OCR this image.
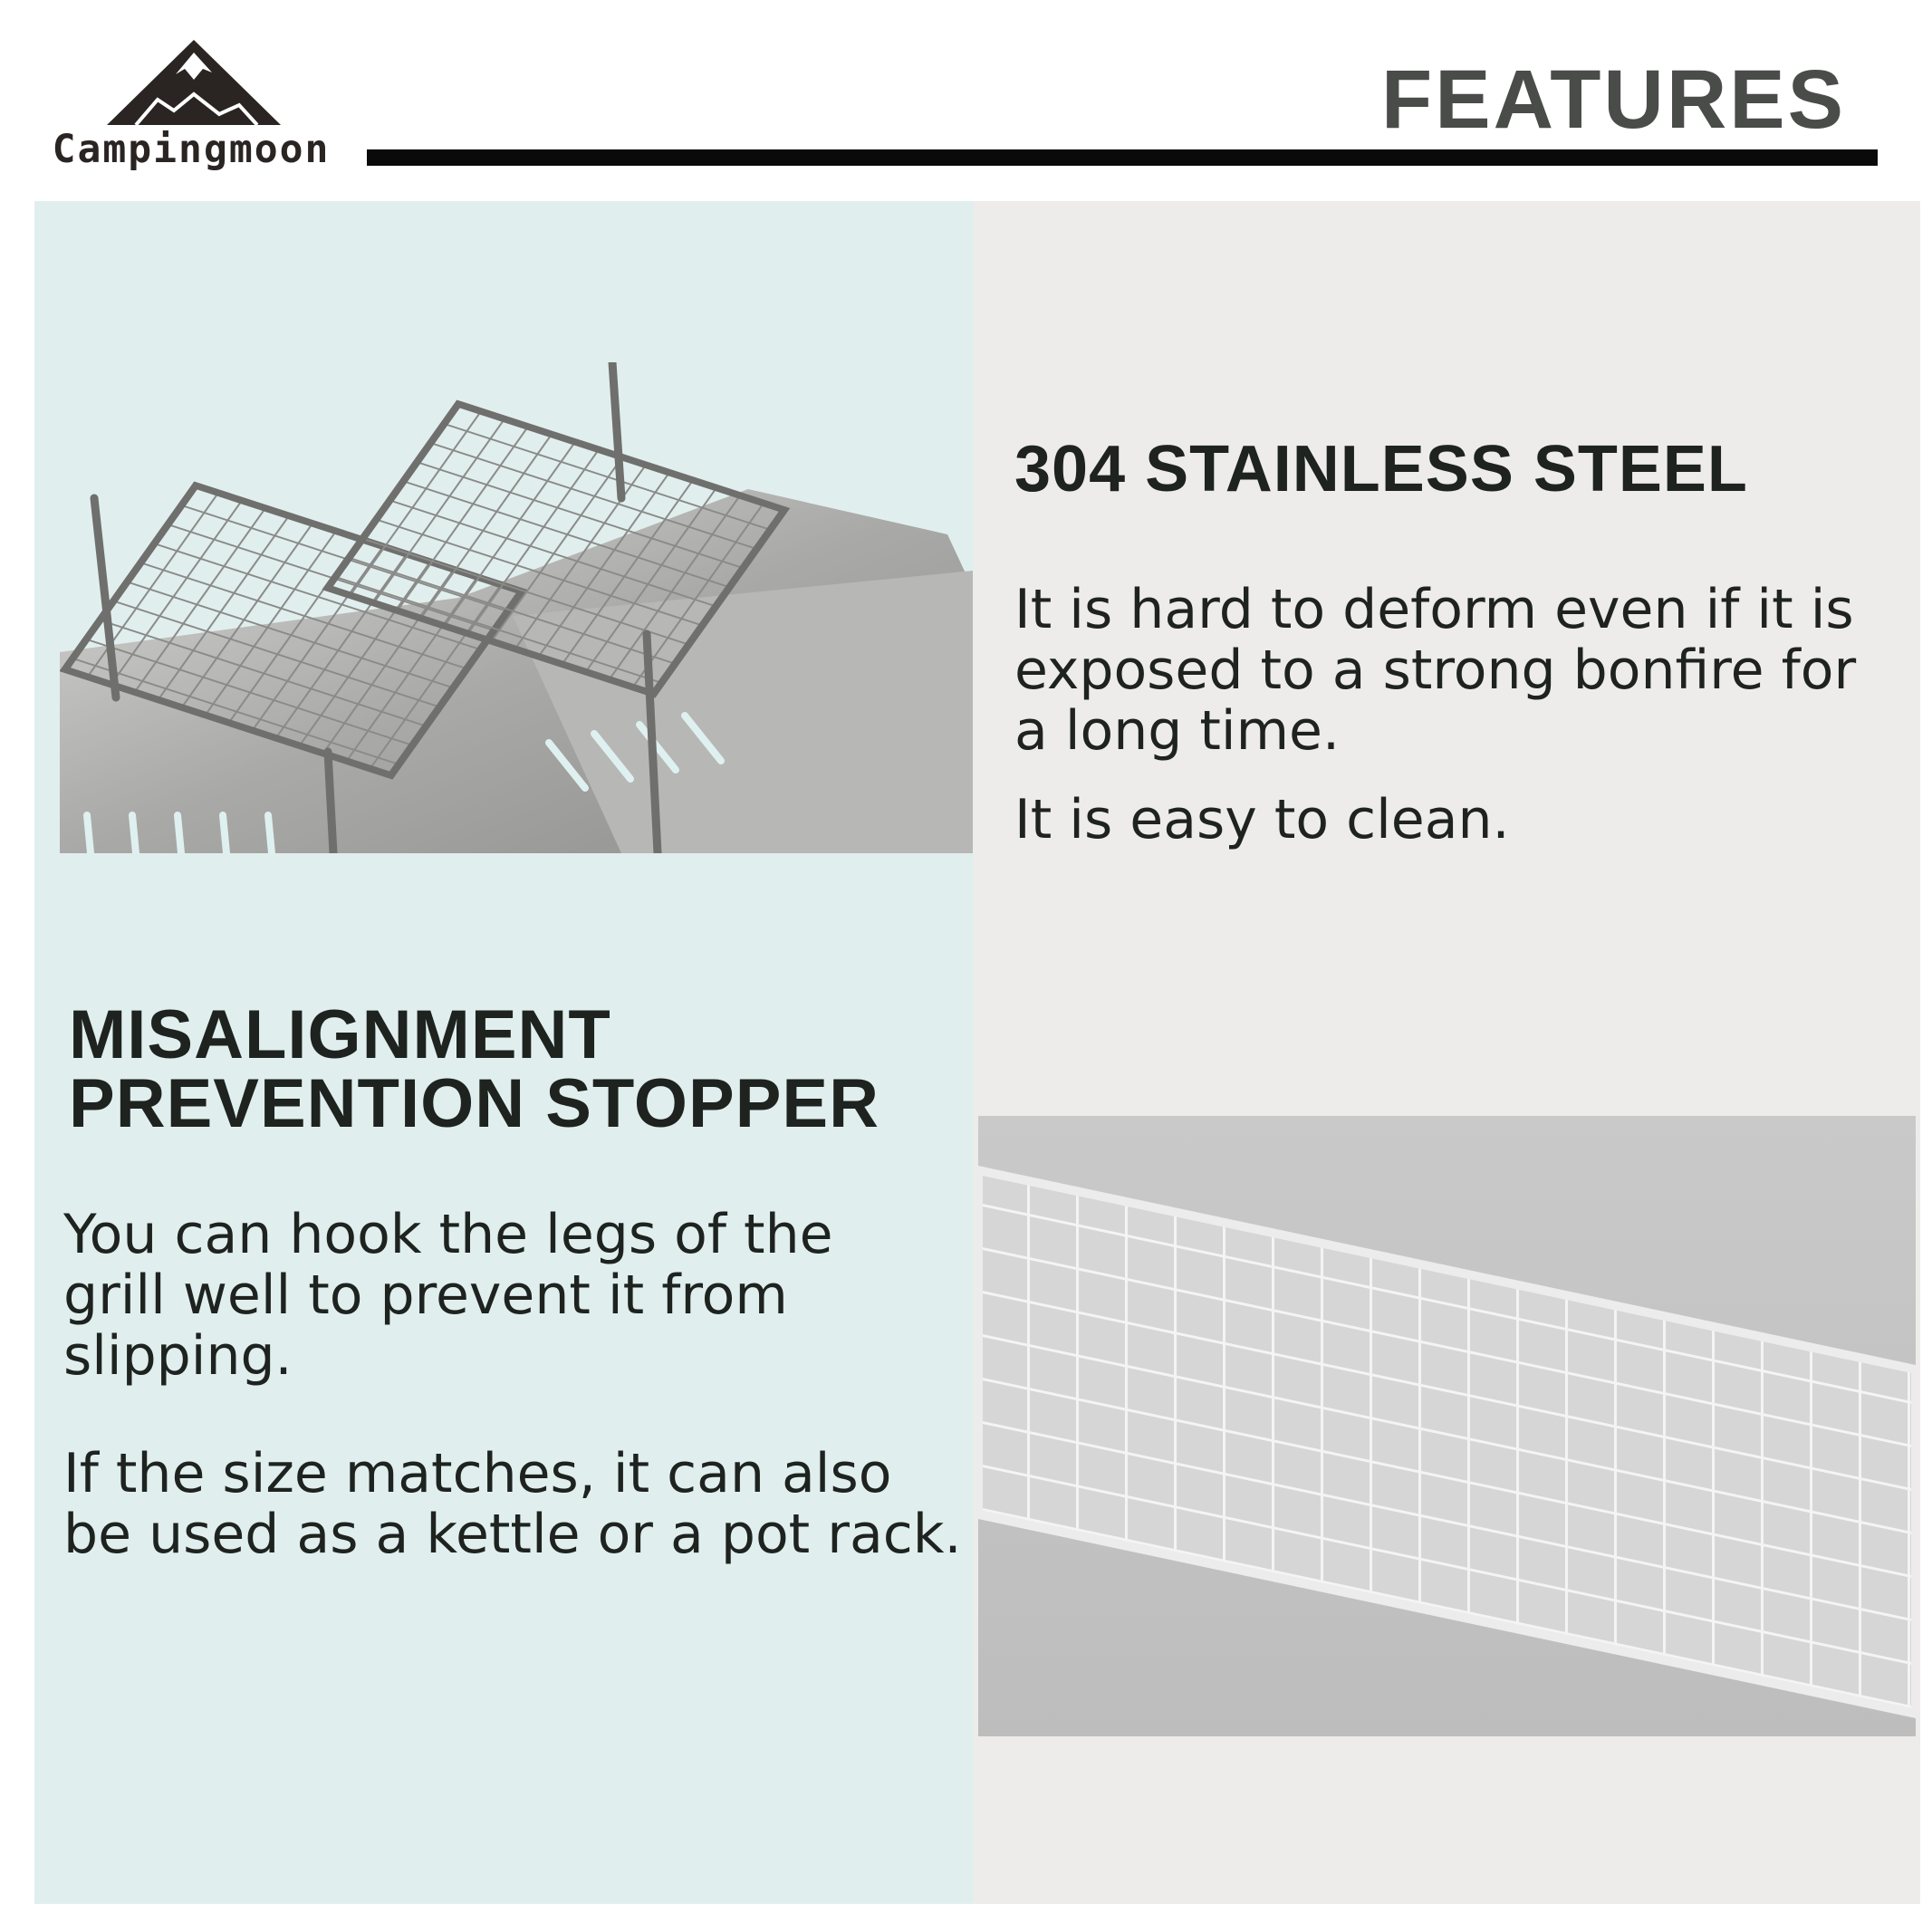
Campingmoon
FEATURES
MISALIGNMENT
PREVENTION STOPPER
You can hook the legs of the grill well to prevent it from slipping.
If the size matches, it can also be used as a kettle or a pot rack.
304 STAINLESS STEEL
It is hard to deform even if it is exposed to a strong bonfire for a long time.
It is easy to clean.
